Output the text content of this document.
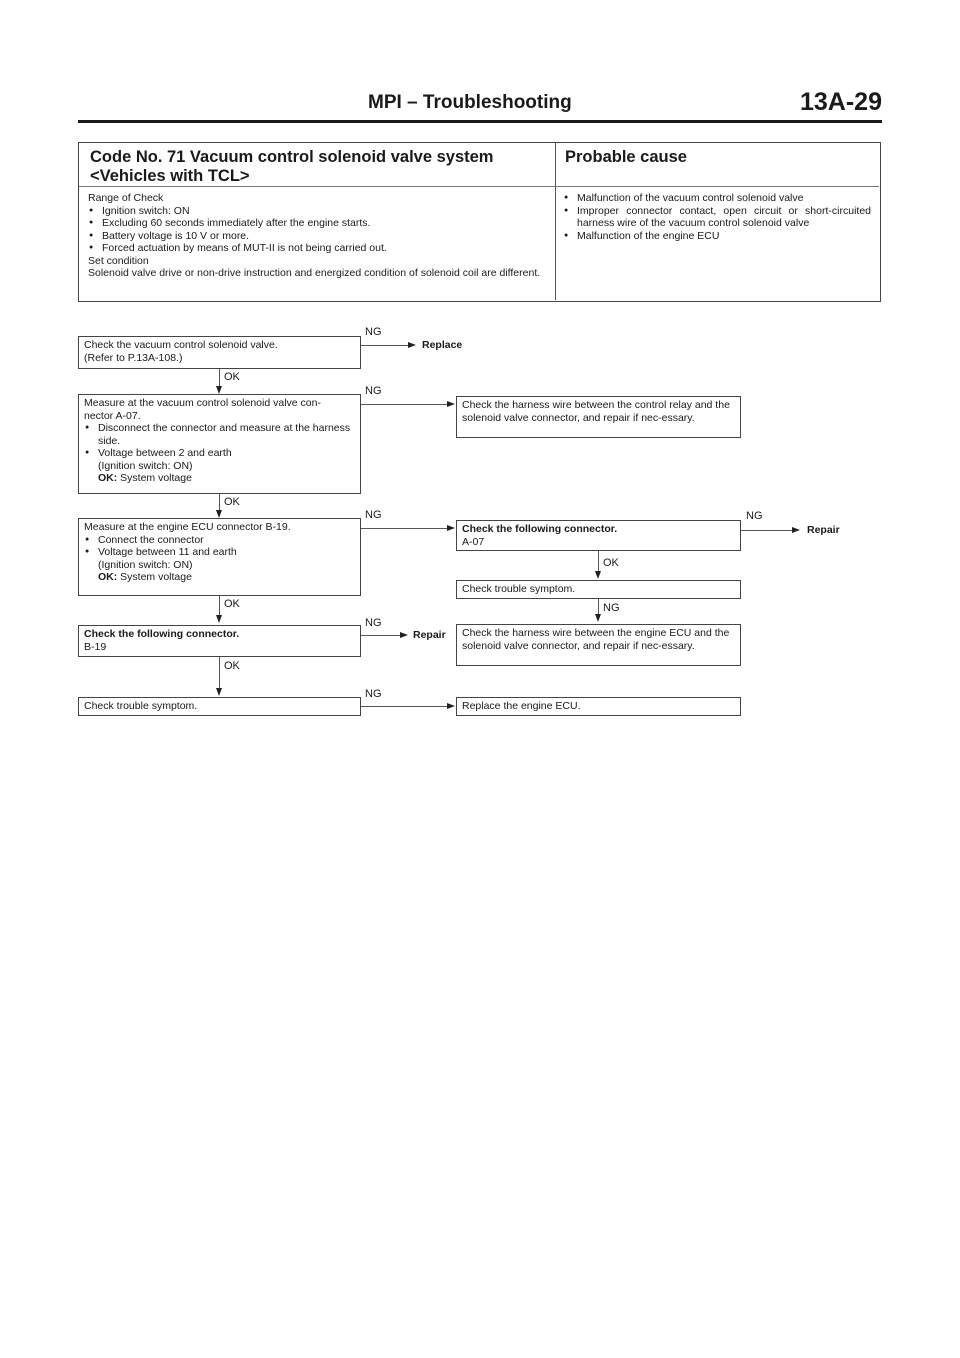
MPI – Troubleshooting	13A-29
Code No. 71 Vacuum control solenoid valve system
<Vehicles with TCL>
Probable cause

Range of Check

● Ignition switch: ON

● Excluding 60 seconds immediately after the engine starts.

● Battery voltage is 10 V or more.

● Forced actuation by means of MUT-II is not being carried out.

Set condition

Solenoid valve drive or non-drive instruction and energized condition of solenoid coil are different.

● Malfunction of the vacuum control solenoid valve

● Improper connector contact, open circuit or short-circuited harness wire of the vacuum control solenoid valve

● Malfunction of the engine ECU

Check the vacuum control solenoid valve.

(Refer to P.13A-108.)

NG
Replace
OK

Measure at the vacuum control solenoid valve con-

nector A-07.

● Disconnect the connector and measure at the harness side.

● Voltage between 2 and earth

(Ignition switch: ON)

OK: System voltage

NG
Check the harness wire between the control relay and the solenoid valve connector, and repair if nec-essary.
OK

Measure at the engine ECU connector B-19.

● Connect the connector

● Voltage between 11 and earth

(Ignition switch: ON)

OK: System voltage

NG

Check the following connector.

A-07

NG
Repair
OK
Check trouble symptom.
NG
Check the harness wire between the engine ECU and the solenoid valve connector, and repair if nec-essary.
OK

Check the following connector.

B-19

NG
Repair
OK
Check trouble symptom.
NG
Replace the engine ECU.
